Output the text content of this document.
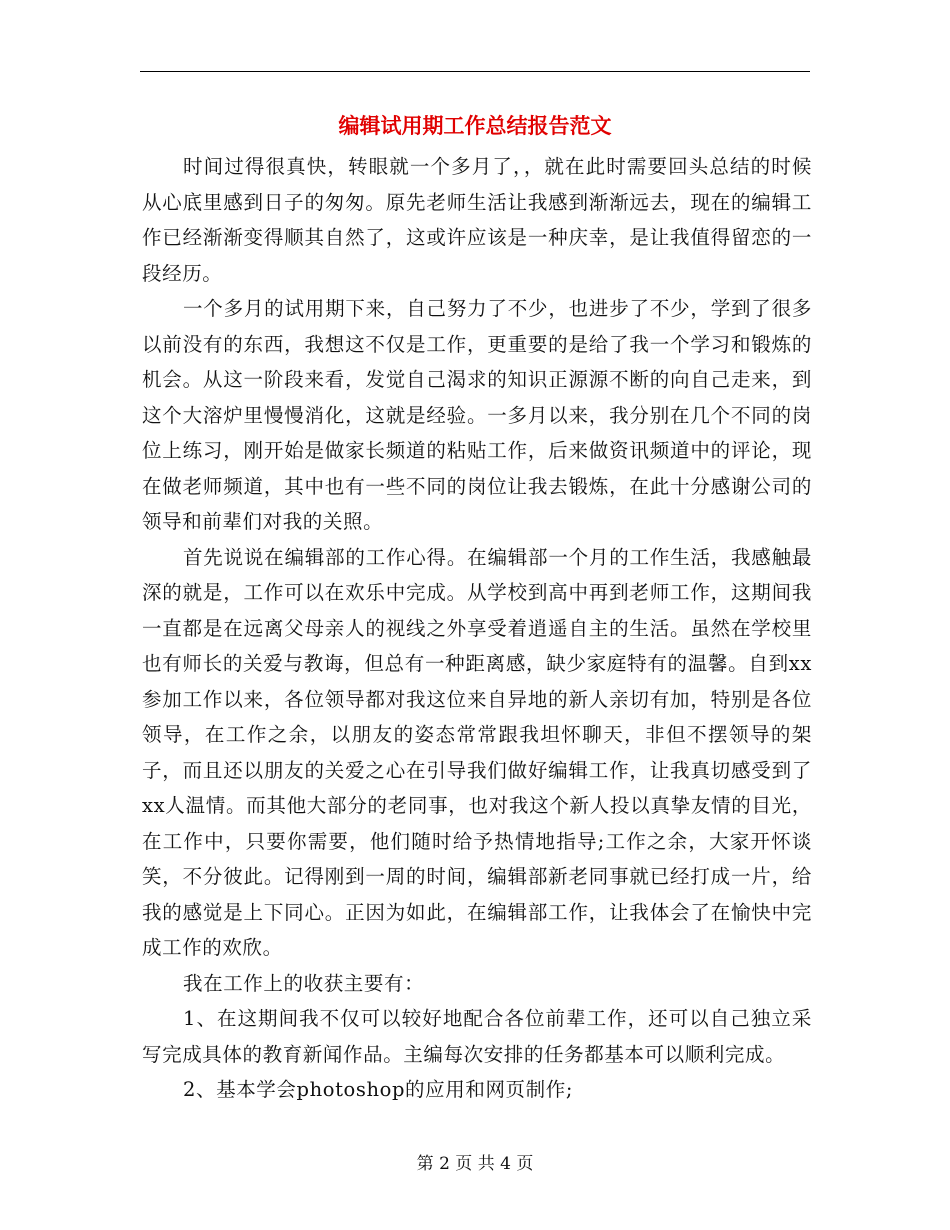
编辑试用期工作总结报告范文

时间过得很真快，转眼就一个多月了，，就在此时需要回头总结的时候从心底里感到日子的匆匆。原先老师生活让我感到渐渐远去，现在的编辑工作已经渐渐变得顺其自然了，这或许应该是一种庆幸，是让我值得留恋的一段经历。

一个多月的试用期下来，自己努力了不少，也进步了不少，学到了很多以前没有的东西，我想这不仅是工作，更重要的是给了我一个学习和锻炼的机会。从这一阶段来看，发觉自己渴求的知识正源源不断的向自己走来，到这个大溶炉里慢慢消化，这就是经验。一多月以来，我分别在几个不同的岗位上练习，刚开始是做家长频道的粘贴工作，后来做资讯频道中的评论，现在做老师频道，其中也有一些不同的岗位让我去锻炼，在此十分感谢公司的领导和前辈们对我的关照。

首先说说在编辑部的工作心得。在编辑部一个月的工作生活，我感触最深的就是，工作可以在欢乐中完成。从学校到高中再到老师工作，这期间我一直都是在远离父母亲人的视线之外享受着逍遥自主的生活。虽然在学校里也有师长的关爱与教诲，但总有一种距离感，缺少家庭特有的温馨。自到xx参加工作以来，各位领导都对我这位来自异地的新人亲切有加，特别是各位领导，在工作之余，以朋友的姿态常常跟我坦怀聊天，非但不摆领导的架子，而且还以朋友的关爱之心在引导我们做好编辑工作，让我真切感受到了xx人温情。而其他大部分的老同事，也对我这个新人投以真挚友情的目光，在工作中，只要你需要，他们随时给予热情地指导;工作之余，大家开怀谈笑，不分彼此。记得刚到一周的时间，编辑部新老同事就已经打成一片，给我的感觉是上下同心。正因为如此，在编辑部工作，让我体会了在愉快中完成工作的欢欣。

我在工作上的收获主要有：

1、在这期间我不仅可以较好地配合各位前辈工作，还可以自己独立采写完成具体的教育新闻作品。主编每次安排的任务都基本可以顺利完成。

2、基本学会photoshop的应用和网页制作;

第 2 页 共 4 页
